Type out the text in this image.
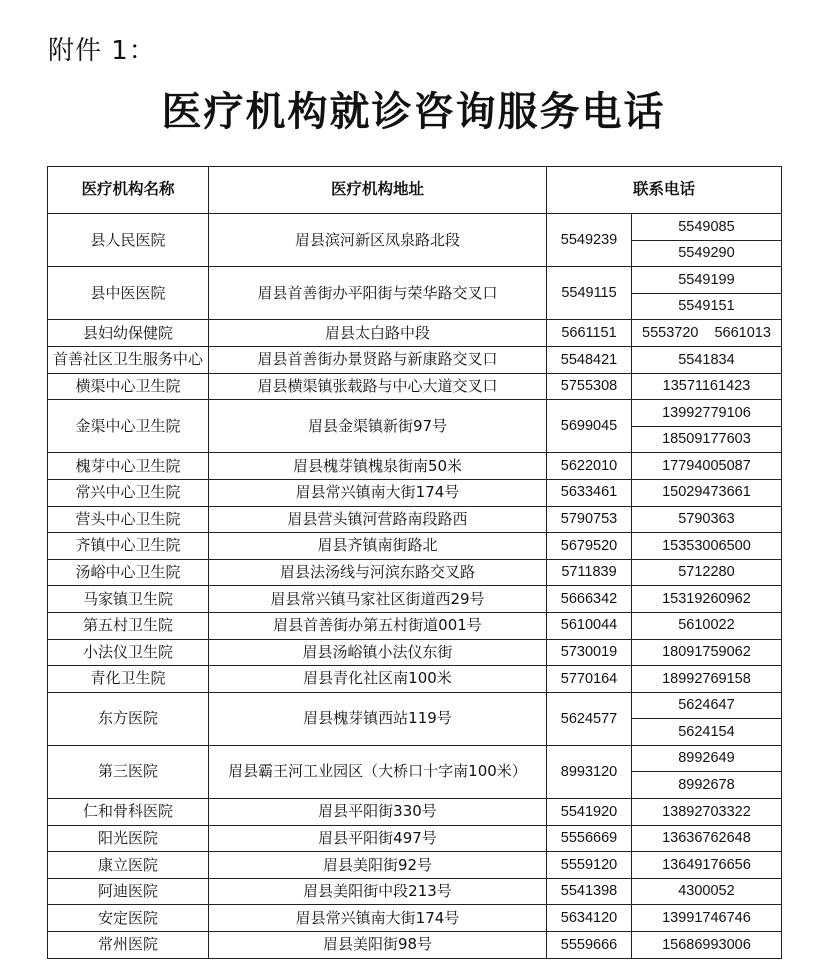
附件 1：
医疗机构就诊咨询服务电话
医疗机构名称	医疗机构地址	联系电话	
县人民医院	眉县滨河新区凤泉路北段	5549239	5549085
			5549290
县中医医院	眉县首善街办平阳街与荣华路交叉口	5549115	5549199
			5549151
县妇幼保健院	眉县太白路中段	5661151	5553720 5661013
首善社区卫生服务中心	眉县首善街办景贤路与新康路交叉口	5548421	5541834
横渠中心卫生院	眉县横渠镇张载路与中心大道交叉口	5755308	13571161423
金渠中心卫生院	眉县金渠镇新街97号	5699045	13992779106
			18509177603
槐芽中心卫生院	眉县槐芽镇槐泉街南50米	5622010	17794005087
常兴中心卫生院	眉县常兴镇南大街174号	5633461	15029473661
营头中心卫生院	眉县营头镇河营路南段路西	5790753	5790363
齐镇中心卫生院	眉县齐镇南街路北	5679520	15353006500
汤峪中心卫生院	眉县法汤线与河滨东路交叉路	5711839	5712280
马家镇卫生院	眉县常兴镇马家社区街道西29号	5666342	15319260962
第五村卫生院	眉县首善街办第五村街道001号	5610044	5610022
小法仪卫生院	眉县汤峪镇小法仪东街	5730019	18091759062
青化卫生院	眉县青化社区南100米	5770164	18992769158
东方医院	眉县槐芽镇西站119号	5624577	5624647
			5624154
第三医院	眉县霸王河工业园区（大桥口十字南100米）	8993120	8992649
			8992678
仁和骨科医院	眉县平阳街330号	5541920	13892703322
阳光医院	眉县平阳街497号	5556669	13636762648
康立医院	眉县美阳街92号	5559120	13649176656
阿迪医院	眉县美阳街中段213号	5541398	4300052
安定医院	眉县常兴镇南大街174号	5634120	13991746746
常州医院	眉县美阳街98号	5559666	15686993006
